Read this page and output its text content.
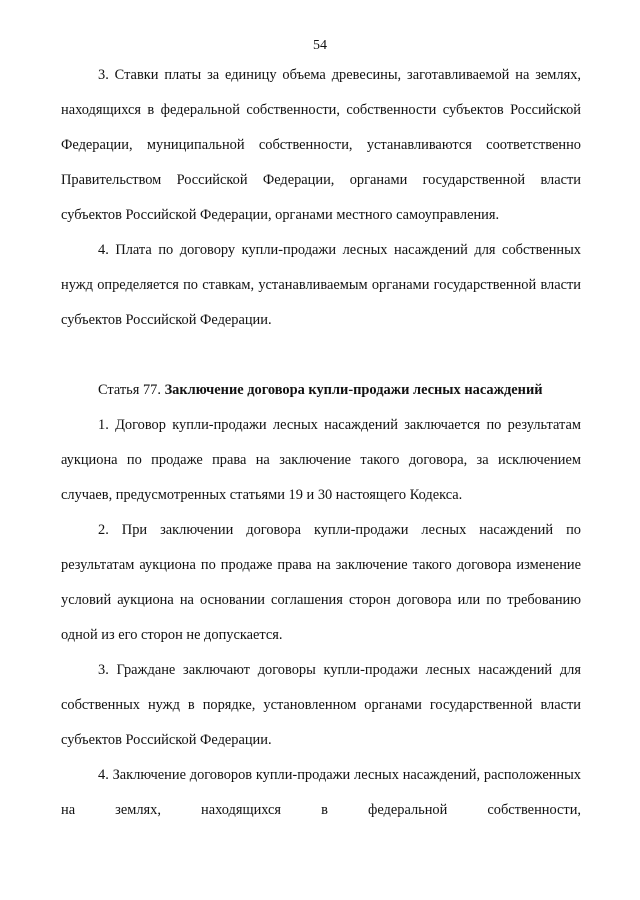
54

3. Ставки платы за единицу объема древесины, заготавливаемой на землях, находящихся в федеральной собственности, собственности субъектов Российской Федерации, муниципальной собственности, устанавливаются соответственно Правительством Российской Федерации, органами государственной власти субъектов Российской Федерации, органами местного самоуправления.

4. Плата по договору купли-продажи лесных насаждений для собственных нужд определяется по ставкам, устанавливаемым органами государственной власти субъектов Российской Федерации.

Статья 77. Заключение договора купли-продажи лесных насаждений

1. Договор купли-продажи лесных насаждений заключается по результатам аукциона по продаже права на заключение такого договора, за исключением случаев, предусмотренных статьями 19 и 30 настоящего Кодекса.

2. При заключении договора купли-продажи лесных насаждений по результатам аукциона по продаже права на заключение такого договора изменение условий аукциона на основании соглашения сторон договора или по требованию одной из его сторон не допускается.

3. Граждане заключают договоры купли-продажи лесных насаждений для собственных нужд в порядке, установленном органами государственной власти субъектов Российской Федерации.

4. Заключение договоров купли-продажи лесных насаждений, расположенных на землях, находящихся в федеральной собственности,
